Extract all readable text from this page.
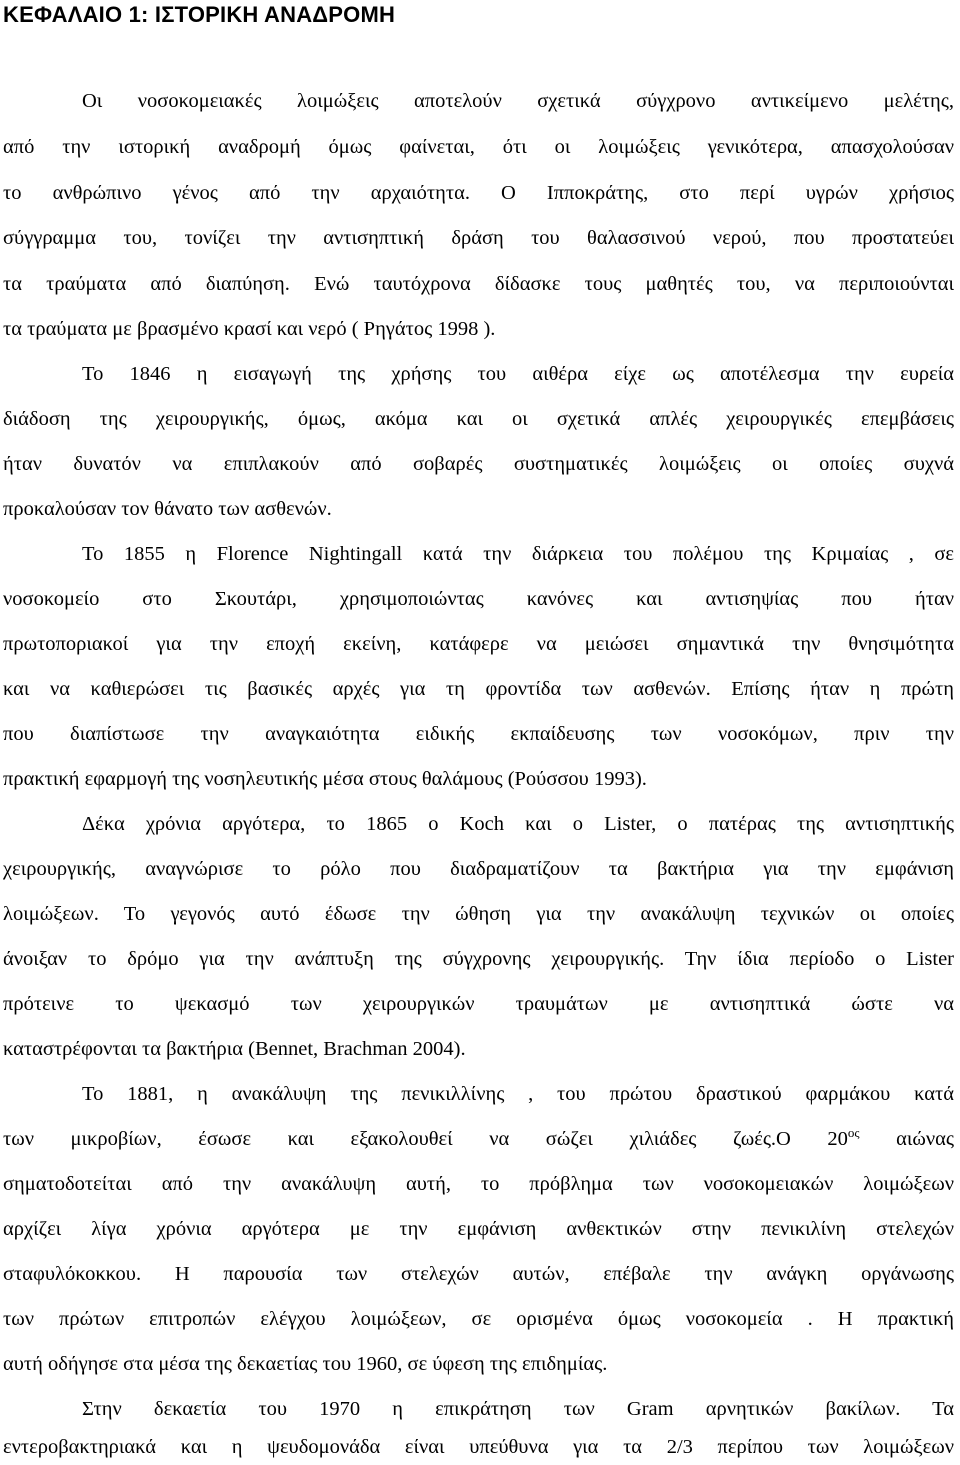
ΚΕΦΑΛΑΙΟ 1: ΙΣΤΟΡΙΚΗ ΑΝΑΔΡΟΜΗ

Οι νοσοκομειακές λοιμώξεις αποτελούν σχετικά σύγχρονο αντικείμενο μελέτης,

από την ιστορική αναδρομή όμως φαίνεται, ότι οι λοιμώξεις γενικότερα, απασχολούσαν

το ανθρώπινο γένος από την αρχαιότητα. Ο Ιπποκράτης, στο περί υγρών χρήσιος

σύγγραμμα του, τονίζει την αντισηπτική δράση του θαλασσινού νερού, που προστατεύει

τα τραύματα από διαπύηση. Ενώ ταυτόχρονα δίδασκε τους μαθητές του, να περιποιούνται

τα τραύματα με βρασμένο κρασί και νερό ( Ρηγάτος 1998 ).

Το 1846 η εισαγωγή της χρήσης του αιθέρα είχε ως αποτέλεσμα την ευρεία

διάδοση της χειρουργικής, όμως, ακόμα και οι σχετικά απλές χειρουργικές επεμβάσεις

ήταν δυνατόν να επιπλακούν από σοβαρές συστηματικές λοιμώξεις οι οποίες συχνά

προκαλούσαν τον θάνατο των ασθενών.

Το 1855 η Florence Nightingall κατά την διάρκεια του πολέμου της Κριμαίας , σε

νοσοκομείο στο Σκουτάρι, χρησιμοποιώντας κανόνες και αντισηψίας που ήταν

πρωτοποριακοί για την εποχή εκείνη, κατάφερε να μειώσει σημαντικά την θνησιμότητα

και να καθιερώσει τις βασικές αρχές για τη φροντίδα των ασθενών. Επίσης ήταν η πρώτη

που διαπίστωσε την αναγκαιότητα ειδικής εκπαίδευσης των νοσοκόμων, πριν την

πρακτική εφαρμογή της νοσηλευτικής μέσα στους θαλάμους (Ρούσσου 1993).

Δέκα χρόνια αργότερα, το 1865 ο Koch και ο Lister, ο πατέρας της αντισηπτικής

χειρουργικής, αναγνώρισε το ρόλο που διαδραματίζουν τα βακτήρια για την εμφάνιση

λοιμώξεων. Το γεγονός αυτό έδωσε την ώθηση για την ανακάλυψη τεχνικών οι οποίες

άνοιξαν το δρόμο για την ανάπτυξη της σύγχρονης χειρουργικής. Την ίδια περίοδο ο Lister

πρότεινε το ψεκασμό των χειρουργικών τραυμάτων με αντισηπτικά ώστε να

καταστρέφονται τα βακτήρια (Bennet, Brachman 2004).

Το 1881, η ανακάλυψη της πενικιλλίνης , του πρώτου δραστικού φαρμάκου κατά

των μικροβίων, έσωσε και εξακολουθεί να σώζει χιλιάδες ζωές.Ο $20^{o\varsigma}$ αιώνας

σηματοδοτείται από την ανακάλυψη αυτή, το πρόβλημα των νοσοκομειακών λοιμώξεων

αρχίζει λίγα χρόνια αργότερα με την εμφάνιση ανθεκτικών στην πενικιλίνη στελεχών

σταφυλόκοκκου. Η παρουσία των στελεχών αυτών, επέβαλε την ανάγκη οργάνωσης

των πρώτων επιτροπών ελέγχου λοιμώξεων, σε ορισμένα όμως νοσοκομεία . Η πρακτική

αυτή οδήγησε στα μέσα της δεκαετίας του 1960, σε ύφεση της επιδημίας.

Στην δεκαετία του 1970 η επικράτηση των Gram αρνητικών βακίλων. Τα

εντεροβακτηριακά και η ψευδομονάδα είναι υπεύθυνα για τα 2/3 περίπου των λοιμώξεων
